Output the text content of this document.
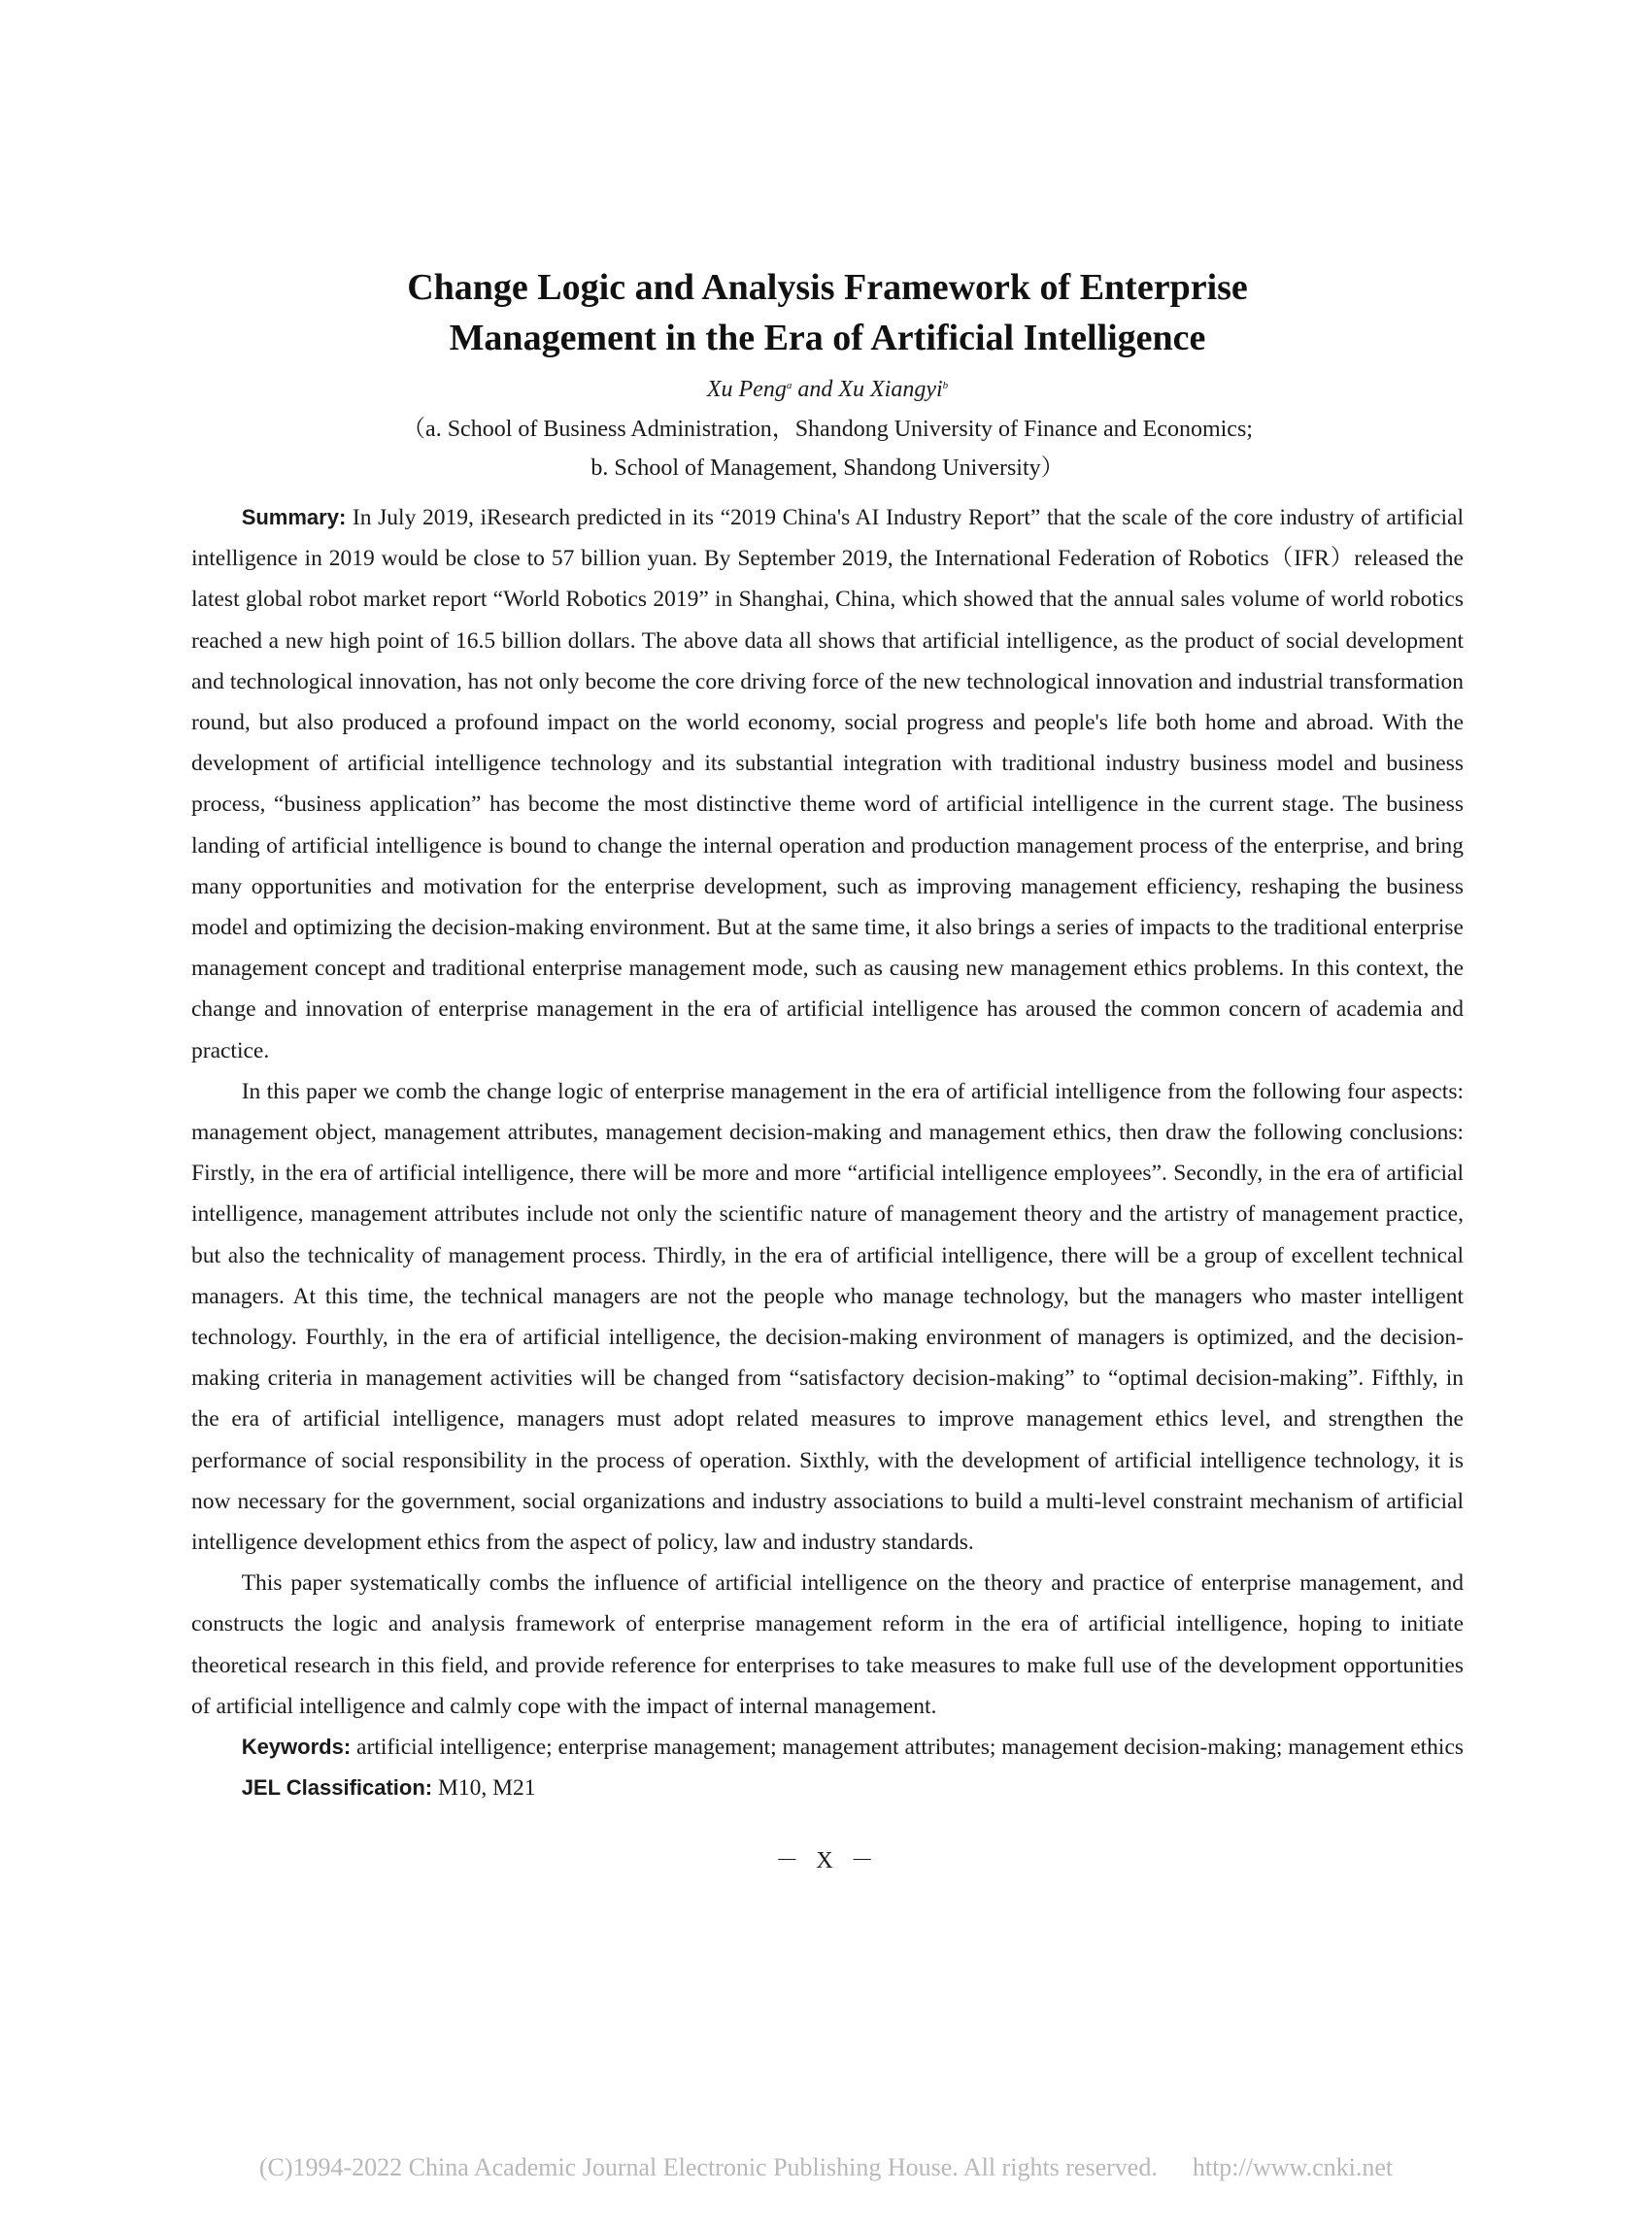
Change Logic and Analysis Framework of Enterprise
Management in the Era of Artificial Intelligence
Xu Peng$^a$ and Xu Xiangyi$^b$
（a. School of Business Administration，Shandong University of Finance and Economics;
b. School of Management, Shandong University）

Summary: In July 2019, iResearch predicted in its “2019 China's AI Industry Report” that the scale of the core industry of artificial intelligence in 2019 would be close to 57 billion yuan. By September 2019, the International Federation of Robotics（IFR）released the latest global robot market report “World Robotics 2019” in Shanghai, China, which showed that the annual sales volume of world robotics reached a new high point of 16.5 billion dollars. The above data all shows that artificial intelligence, as the product of social development and technological innovation, has not only become the core driving force of the new technological innovation and industrial transformation round, but also produced a profound impact on the world economy, social progress and people's life both home and abroad. With the development of artificial intelligence technology and its substantial integration with traditional industry business model and business process, “business application” has become the most distinctive theme word of artificial intelligence in the current stage. The business landing of artificial intelligence is bound to change the internal operation and production management process of the enterprise, and bring many opportunities and motivation for the enterprise development, such as improving management efficiency, reshaping the business model and optimizing the decision-making environment. But at the same time, it also brings a series of impacts to the traditional enterprise management concept and traditional enterprise management mode, such as causing new management ethics problems. In this context, the change and innovation of enterprise management in the era of artificial intelligence has aroused the common concern of academia and practice.

In this paper we comb the change logic of enterprise management in the era of artificial intelligence from the following four aspects: management object, management attributes, management decision-making and management ethics, then draw the following conclusions: Firstly, in the era of artificial intelligence, there will be more and more “artificial intelligence employees”. Secondly, in the era of artificial intelligence, management attributes include not only the scientific nature of management theory and the artistry of management practice, but also the technicality of management process. Thirdly, in the era of artificial intelligence, there will be a group of excellent technical managers. At this time, the technical managers are not the people who manage technology, but the managers who master intelligent technology. Fourthly, in the era of artificial intelligence, the decision-making environment of managers is optimized, and the decision-making criteria in management activities will be changed from “satisfactory decision-making” to “optimal decision-making”. Fifthly, in the era of artificial intelligence, managers must adopt related measures to improve management ethics level, and strengthen the performance of social responsibility in the process of operation. Sixthly, with the development of artificial intelligence technology, it is now necessary for the government, social organizations and industry associations to build a multi-level constraint mechanism of artificial intelligence development ethics from the aspect of policy, law and industry standards.

This paper systematically combs the influence of artificial intelligence on the theory and practice of enterprise management, and constructs the logic and analysis framework of enterprise management reform in the era of artificial intelligence, hoping to initiate theoretical research in this field, and provide reference for enterprises to take measures to make full use of the development opportunities of artificial intelligence and calmly cope with the impact of internal management.

Keywords: artificial intelligence; enterprise management; management attributes; management decision-making; management ethics

JEL Classification: M10, M21

－ X －
(C)1994-2022 China Academic Journal Electronic Publishing House. All rights reserved. http://www.cnki.net
